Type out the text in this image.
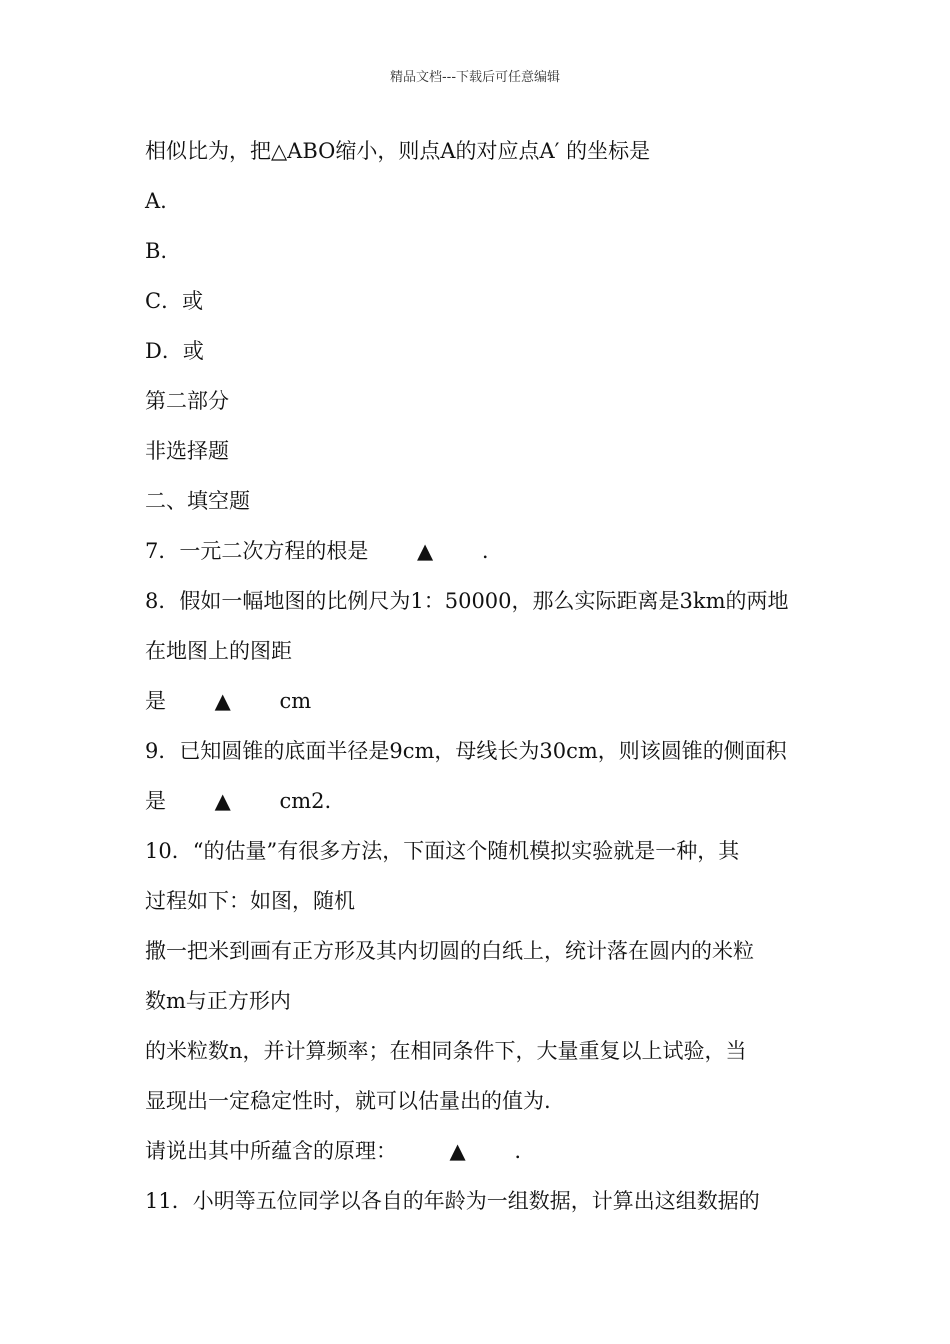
精品文档---下载后可任意编辑
相似比为，把△ABO缩小，则点A的对应点A′ 的坐标是
A.
B.
C．或
D．或
第二部分
非选择题
二、填空题
7．一元二次方程的根是　　 ▲　　 .
8．假如一幅地图的比例尺为1：50000，那么实际距离是3km的两地
在地图上的图距
是　　 ▲　　 cm
9．已知圆锥的底面半径是9cm，母线长为30cm，则该圆锥的侧面积
是　　 ▲　　 cm2.
10．“的估量”有很多方法，下面这个随机模拟实验就是一种，其
过程如下：如图，随机
撒一把米到画有正方形及其内切圆的白纸上，统计落在圆内的米粒
数m与正方形内
的米粒数n，并计算频率；在相同条件下，大量重复以上试验，当
显现出一定稳定性时，就可以估量出的值为.
请说出其中所蕴含的原理：　　　▲　　 .
11．小明等五位同学以各自的年龄为一组数据，计算出这组数据的
